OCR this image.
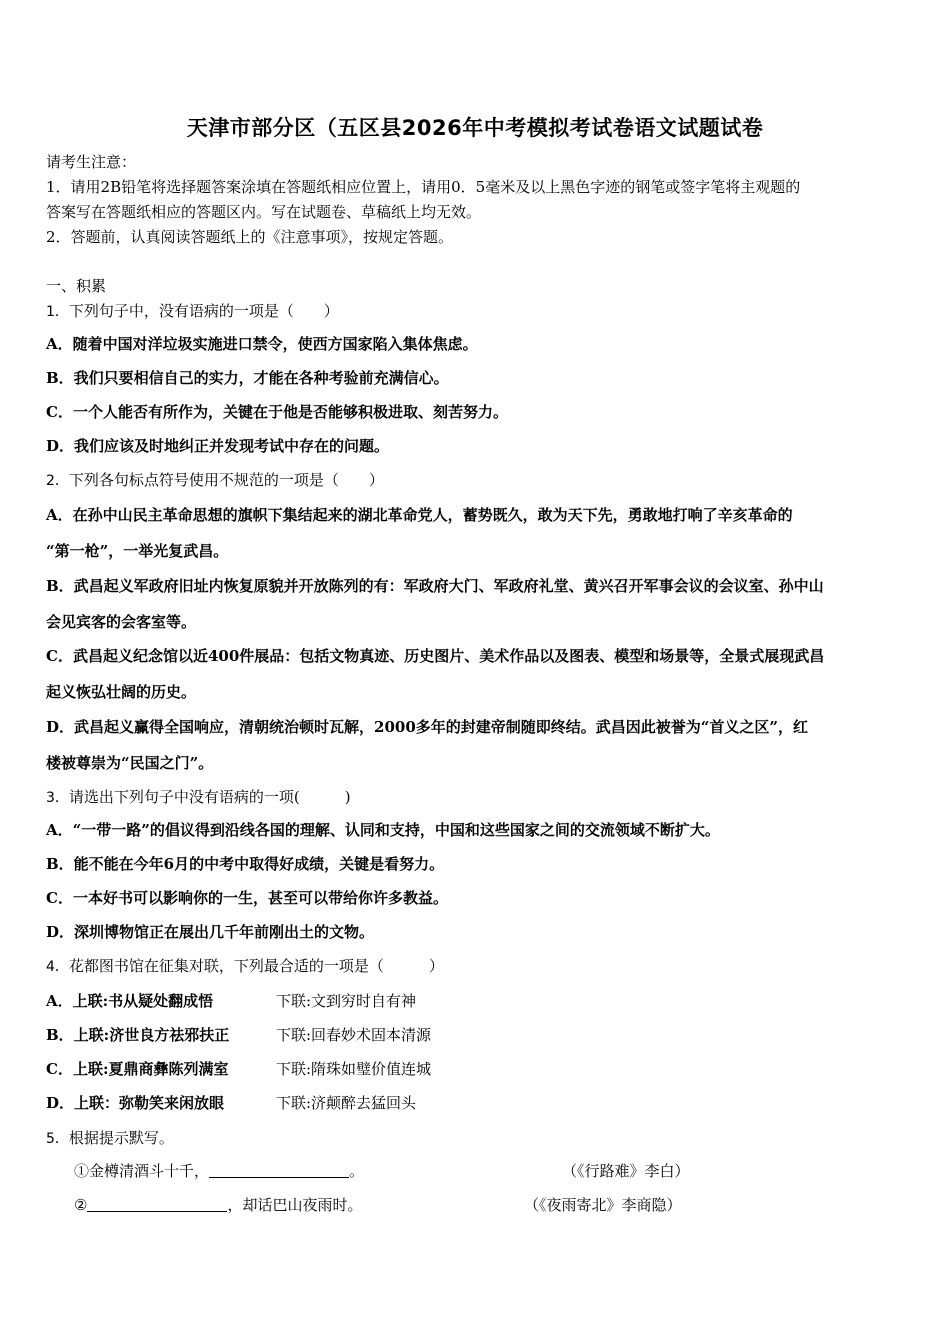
天津市部分区（五区县2026年中考模拟考试卷语文试题试卷
请考生注意：
1．请用2B铅笔将选择题答案涂填在答题纸相应位置上，请用0．5毫米及以上黑色字迹的钢笔或签字笔将主观题的
答案写在答题纸相应的答题区内。写在试题卷、草稿纸上均无效。
2．答题前，认真阅读答题纸上的《注意事项》，按规定答题。
一、积累
1．下列句子中，没有语病的一项是（　　）
A．随着中国对洋垃圾实施进口禁令，使西方国家陷入集体焦虑。
B．我们只要相信自己的实力，才能在各种考验前充满信心。
C．一个人能否有所作为，关键在于他是否能够积极进取、刻苦努力。
D．我们应该及时地纠正并发现考试中存在的问题。
2．下列各句标点符号使用不规范的一项是（　　）
A．在孙中山民主革命思想的旗帜下集结起来的湖北革命党人，蓄势既久，敢为天下先，勇敢地打响了辛亥革命的
“第一枪”，一举光复武昌。
B．武昌起义军政府旧址内恢复原貌并开放陈列的有：军政府大门、军政府礼堂、黄兴召开军事会议的会议室、孙中山
会见宾客的会客室等。
C．武昌起义纪念馆以近400件展品：包括文物真迹、历史图片、美术作品以及图表、模型和场景等，全景式展现武昌
起义恢弘壮阔的历史。
D．武昌起义赢得全国响应，清朝统治顿时瓦解，2000多年的封建帝制随即终结。武昌因此被誉为“首义之区”，红
楼被尊崇为“民国之门”。
3．请选出下列句子中没有语病的一项(　　　)
A．“一带一路”的倡议得到沿线各国的理解、认同和支持，中国和这些国家之间的交流领域不断扩大。
B．能不能在今年6月的中考中取得好成绩，关键是看努力。
C．一本好书可以影响你的一生，甚至可以带给你许多教益。
D．深圳博物馆正在展出几千年前刚出土的文物。
4．花都图书馆在征集对联，下列最合适的一项是（　　　）
A．上联:书从疑处翻成悟	下联:文到穷时自有神
B．上联:济世良方祛邪扶正	下联:回春妙术固本清源
C．上联:夏鼎商彝陈列满室	下联:隋珠如璧价值连城
D．上联：弥勒笑来闲放眼	下联:济颠醉去猛回头
5．根据提示默写。
①金樽清酒斗十千，	。	（《行路难》李白）
②	，却话巴山夜雨时。	（《夜雨寄北》李商隐）
